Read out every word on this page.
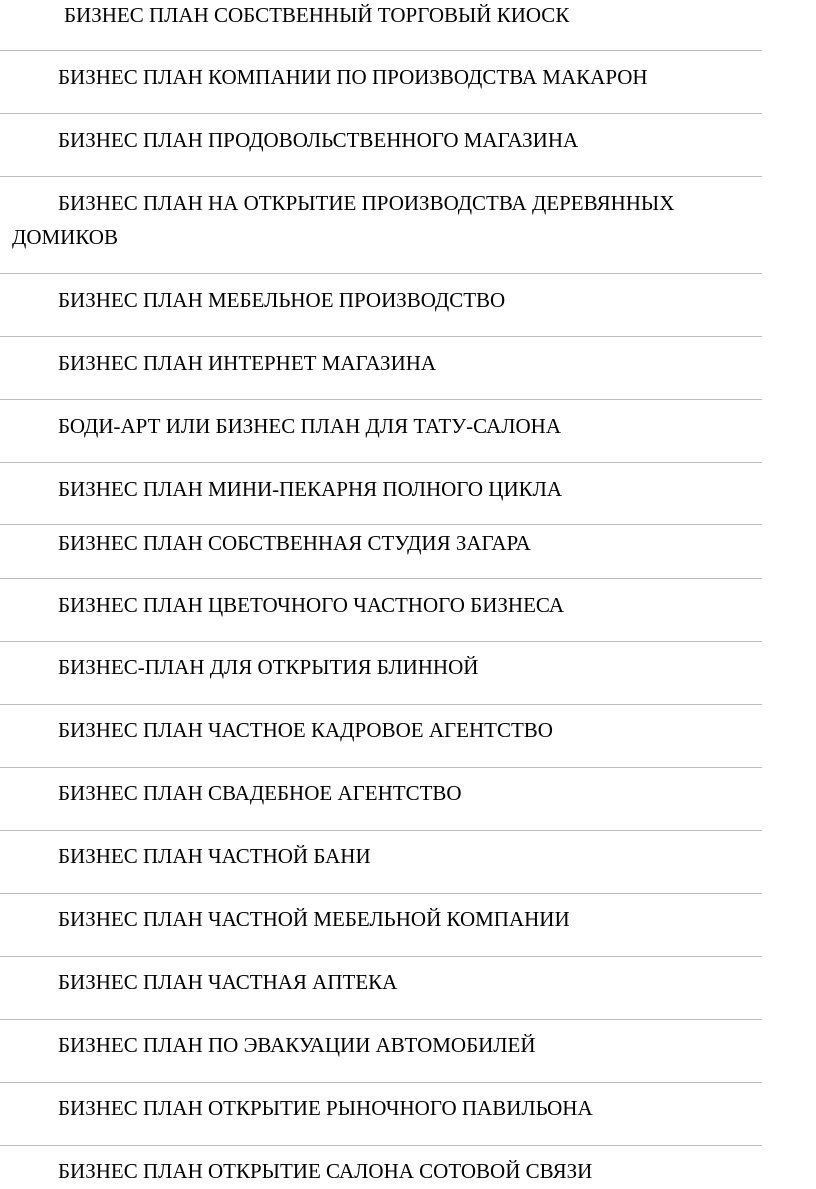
БИЗНЕС ПЛАН СОБСТВЕННЫЙ ТОРГОВЫЙ КИОСК
БИЗНЕС ПЛАН КОМПАНИИ ПО ПРОИЗВОДСТВА МАКАРОН
БИЗНЕС ПЛАН ПРОДОВОЛЬСТВЕННОГО МАГАЗИНА
БИЗНЕС ПЛАН НА ОТКРЫТИЕ ПРОИЗВОДСТВА ДЕРЕВЯННЫХ
ДОМИКОВ
БИЗНЕС ПЛАН МЕБЕЛЬНОЕ ПРОИЗВОДСТВО
БИЗНЕС ПЛАН ИНТЕРНЕТ МАГАЗИНА
БОДИ-АРТ ИЛИ БИЗНЕС ПЛАН ДЛЯ ТАТУ-САЛОНА
БИЗНЕС ПЛАН МИНИ-ПЕКАРНЯ ПОЛНОГО ЦИКЛА
БИЗНЕС ПЛАН СОБСТВЕННАЯ СТУДИЯ ЗАГАРА
БИЗНЕС ПЛАН ЦВЕТОЧНОГО ЧАСТНОГО БИЗНЕСА
БИЗНЕС-ПЛАН ДЛЯ ОТКРЫТИЯ БЛИННОЙ
БИЗНЕС ПЛАН ЧАСТНОЕ КАДРОВОЕ АГЕНТСТВО
БИЗНЕС ПЛАН СВАДЕБНОЕ АГЕНТСТВО
БИЗНЕС ПЛАН ЧАСТНОЙ БАНИ
БИЗНЕС ПЛАН ЧАСТНОЙ МЕБЕЛЬНОЙ КОМПАНИИ
БИЗНЕС ПЛАН ЧАСТНАЯ АПТЕКА
БИЗНЕС ПЛАН ПО ЭВАКУАЦИИ АВТОМОБИЛЕЙ
БИЗНЕС ПЛАН ОТКРЫТИЕ РЫНОЧНОГО ПАВИЛЬОНА
БИЗНЕС ПЛАН ОТКРЫТИЕ САЛОНА СОТОВОЙ СВЯЗИ
